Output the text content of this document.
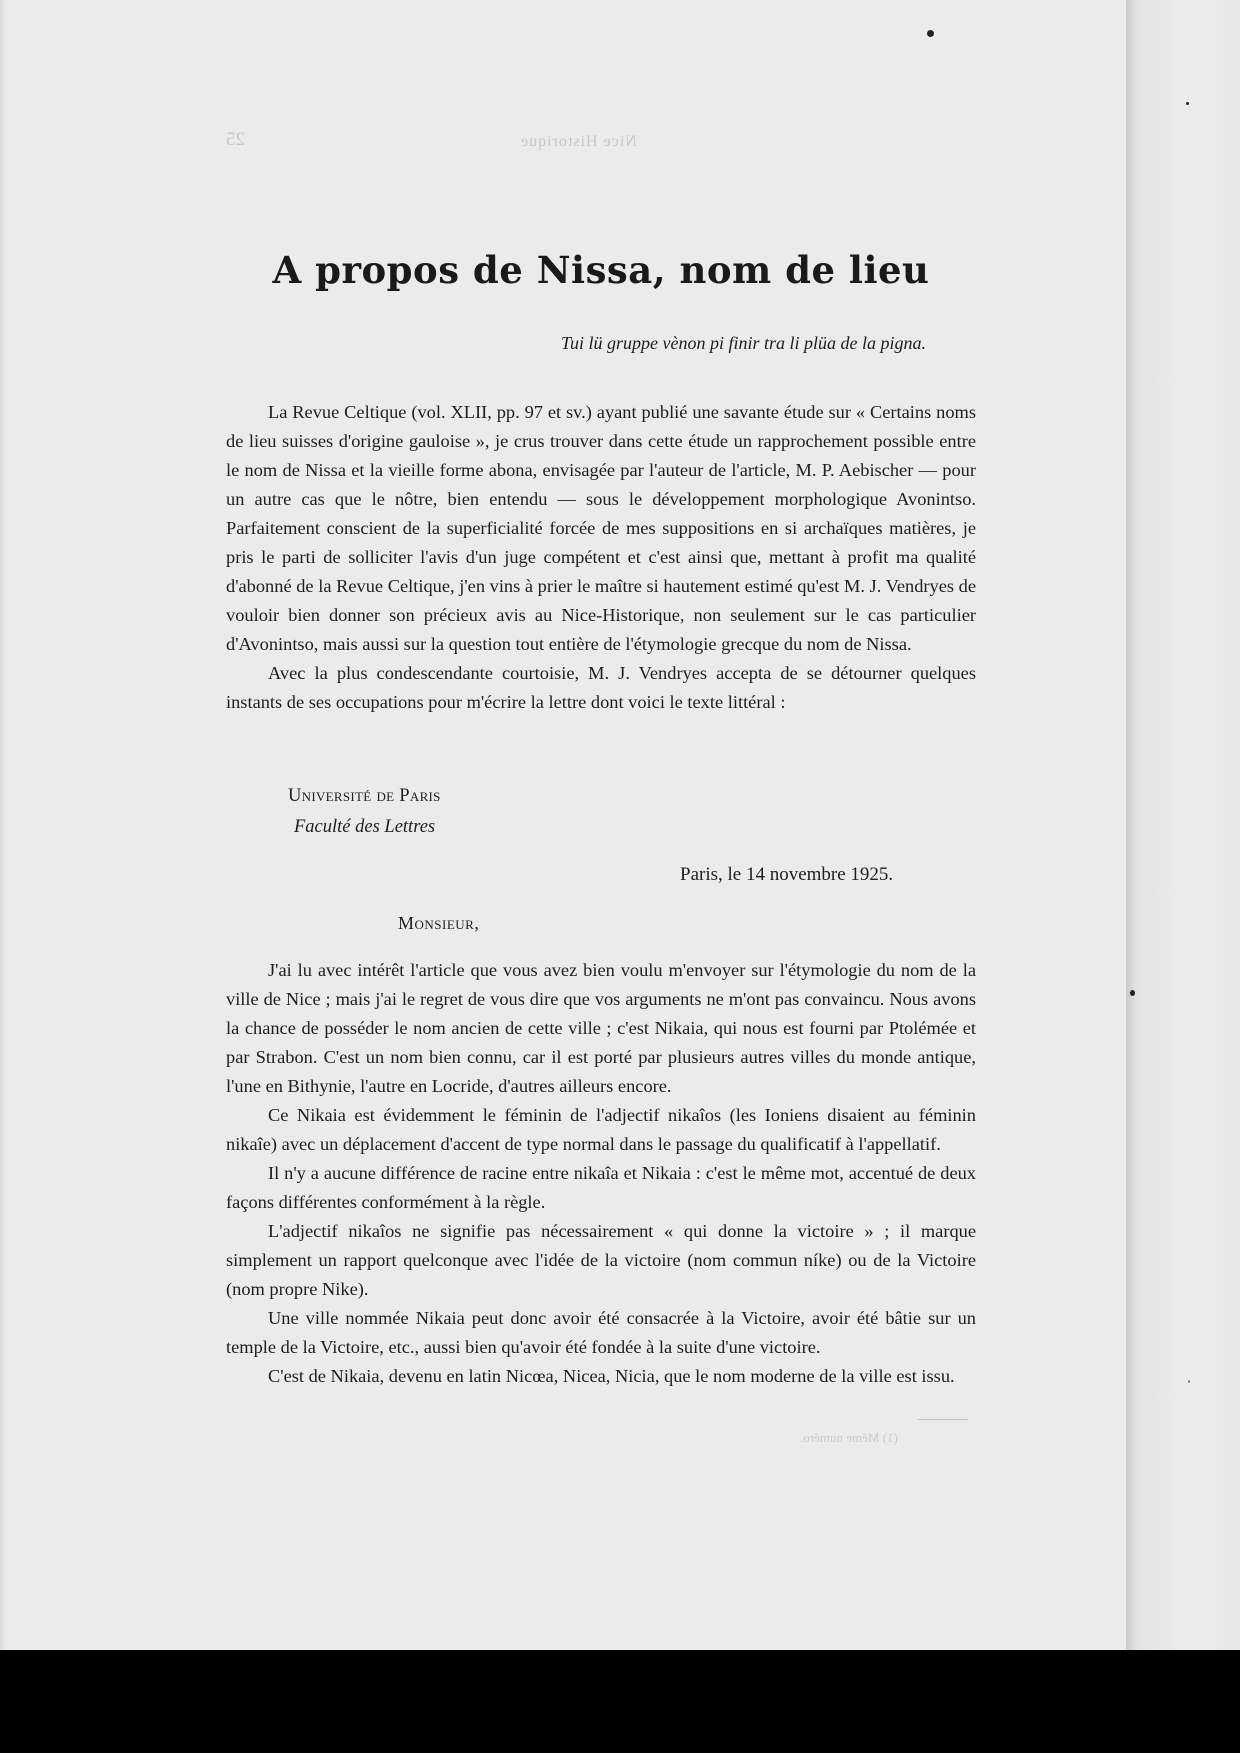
25	Nice Historique
(1) Même numéro.
A propos de Nissa, nom de lieu
Tui lü gruppe vènon pi finir tra li plüa de la pigna.

La Revue Celtique (vol. XLII, pp. 97 et sv.) ayant publié une savante étude sur « Certains noms de lieu suisses d'origine gauloise », je crus trouver dans cette étude un rapprochement possible entre le nom de Nissa et la vieille forme abona, envisagée par l'auteur de l'article, M. P. Aebischer — pour un autre cas que le nôtre, bien entendu — sous le développement morphologique Avonintso. Parfaitement conscient de la superficialité forcée de mes suppositions en si archaïques matières, je pris le parti de solliciter l'avis d'un juge compétent et c'est ainsi que, mettant à profit ma qualité d'abonné de la Revue Celtique, j'en vins à prier le maître si hautement estimé qu'est M. J. Vendryes de vouloir bien donner son précieux avis au Nice-Historique, non seulement sur le cas particulier d'Avonintso, mais aussi sur la question tout entière de l'étymologie grecque du nom de Nissa.

Avec la plus condescendante courtoisie, M. J. Vendryes accepta de se détourner quelques instants de ses occupations pour m'écrire la lettre dont voici le texte littéral :

Université de Paris
Faculté des Lettres
Paris, le 14 novembre 1925.
Monsieur,

J'ai lu avec intérêt l'article que vous avez bien voulu m'envoyer sur l'étymologie du nom de la ville de Nice ; mais j'ai le regret de vous dire que vos arguments ne m'ont pas convaincu. Nous avons la chance de posséder le nom ancien de cette ville ; c'est Nikaia, qui nous est fourni par Ptolémée et par Strabon. C'est un nom bien connu, car il est porté par plusieurs autres villes du monde antique, l'une en Bithynie, l'autre en Locride, d'autres ailleurs encore.

Ce Nikaia est évidemment le féminin de l'adjectif nikaîos (les Ioniens disaient au féminin nikaîe) avec un déplacement d'accent de type normal dans le passage du qualificatif à l'appellatif.

Il n'y a aucune différence de racine entre nikaîa et Nikaia : c'est le même mot, accentué de deux façons différentes conformément à la règle.

L'adjectif nikaîos ne signifie pas nécessairement « qui donne la victoire » ; il marque simplement un rapport quelconque avec l'idée de la victoire (nom commun níke) ou de la Victoire (nom propre Nike).

Une ville nommée Nikaia peut donc avoir été consacrée à la Victoire, avoir été bâtie sur un temple de la Victoire, etc., aussi bien qu'avoir été fondée à la suite d'une victoire.

C'est de Nikaia, devenu en latin Nicœa, Nicea, Nicia, que le nom moderne de la ville est issu.
